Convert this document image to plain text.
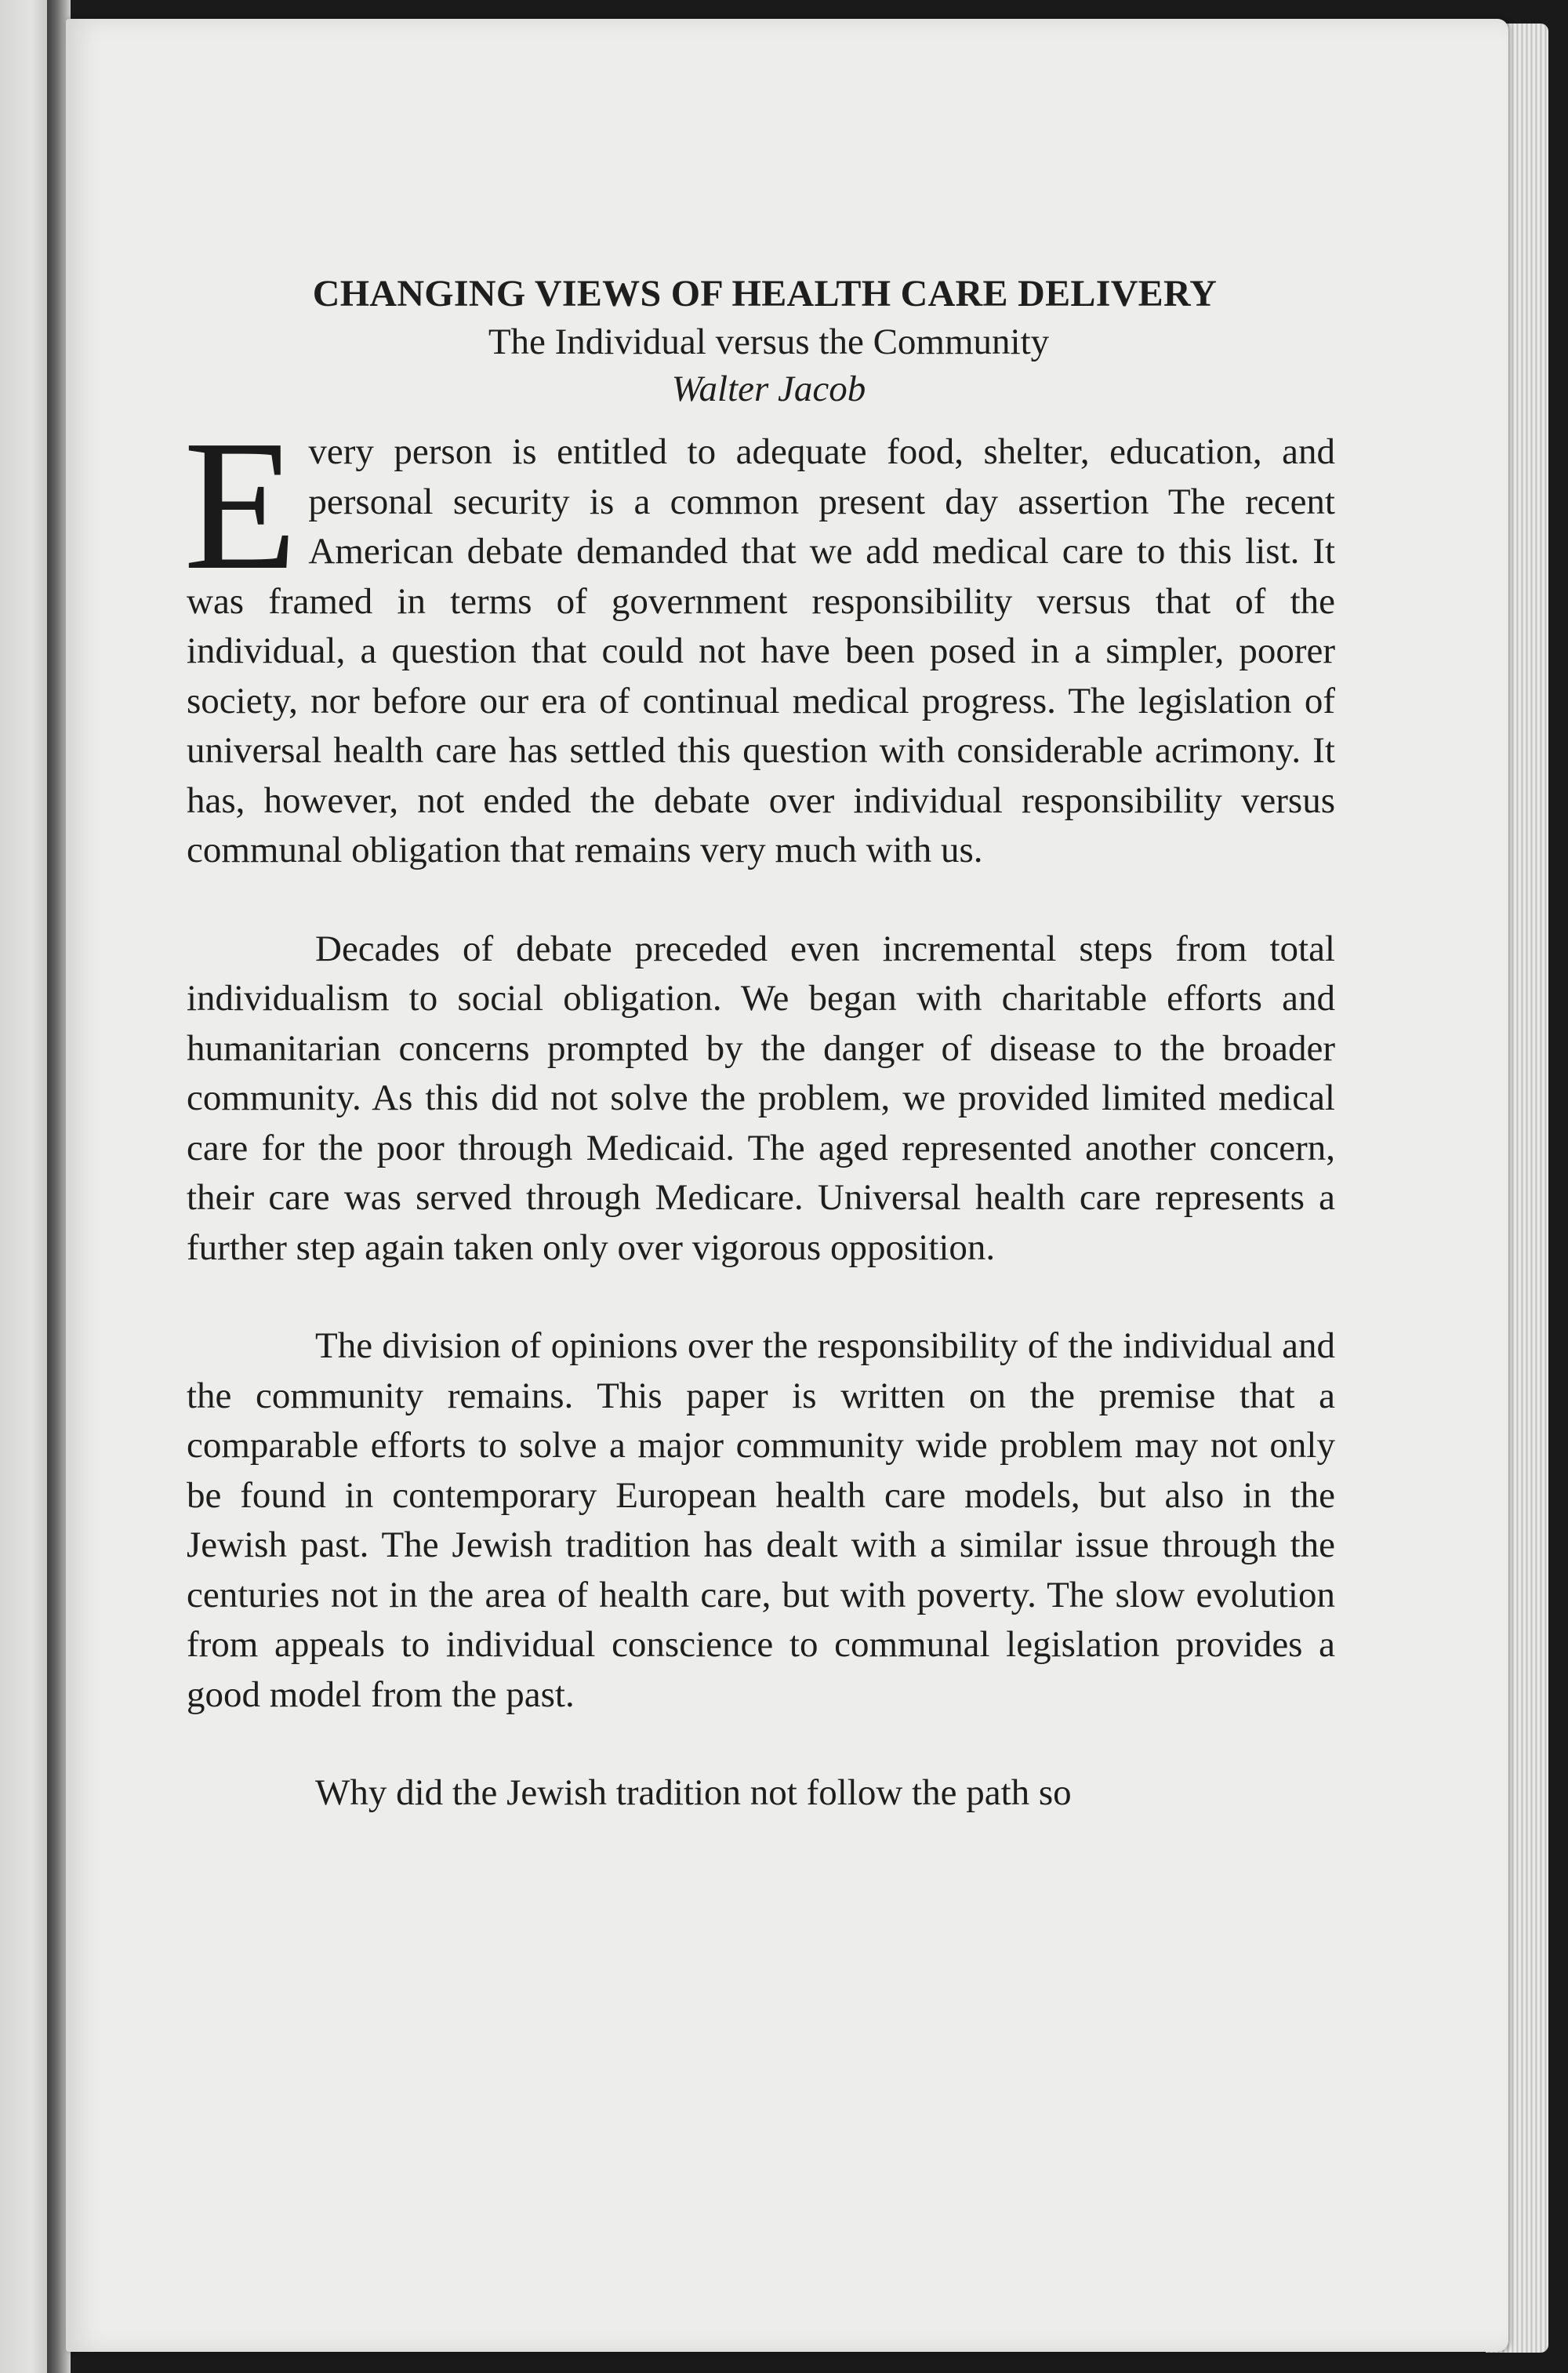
CHANGING VIEWS OF HEALTH CARE DELIVERY
The Individual versus the Community
Walter Jacob

Every person is entitled to adequate food, shelter, education, and personal security is a common present day assertion The recent American debate demanded that we add medical care to this list. It was framed in terms of government responsibility versus that of the individual, a question that could not have been posed in a simpler, poorer society, nor before our era of continual medical progress. The legislation of universal health care has settled this question with considerable acrimony. It has, however, not ended the debate over individual responsibility versus communal obligation that remains very much with us.

Decades of debate preceded even incremental steps from total individualism to social obligation. We began with charitable efforts and humanitarian concerns prompted by the danger of disease to the broader community. As this did not solve the problem, we provided limited medical care for the poor through Medicaid. The aged represented another concern, their care was served through Medicare. Universal health care represents a further step again taken only over vigorous opposition.

The division of opinions over the responsibility of the individual and the community remains. This paper is written on the premise that a comparable efforts to solve a major community wide problem may not only be found in contemporary European health care models, but also in the Jewish past. The Jewish tradition has dealt with a similar issue through the centuries not in the area of health care, but with poverty. The slow evolution from appeals to individual conscience to communal legislation provides a good model from the past.

Why did the Jewish tradition not follow the path so
